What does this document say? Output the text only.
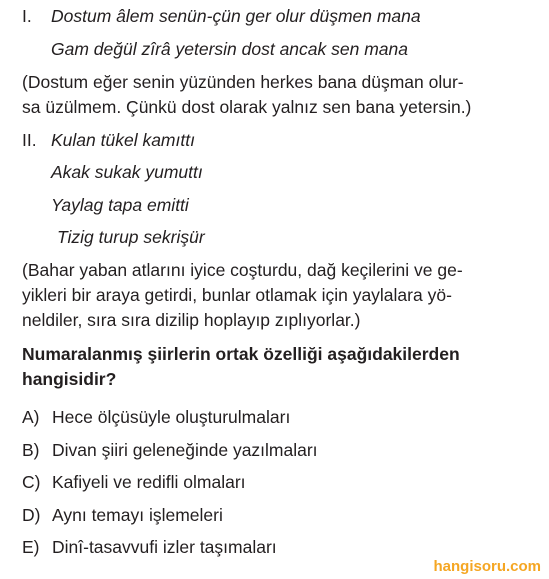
I. Dostum âlem senün-çün ger olur düşmen mana
Gam değül zîrâ yetersin dost ancak sen mana
(Dostum eğer senin yüzünden herkes bana düşman olur-
sa üzülmem. Çünkü dost olarak yalnız sen bana yetersin.)
II. Kulan tükel kamıttı
Akak sukak yumuttı
Yaylag tapa emitti
Tizig turup sekrişür
(Bahar yaban atlarını iyice coşturdu, dağ keçilerini ve ge-
yikleri bir araya getirdi, bunlar otlamak için yaylalara yö-
neldiler, sıra sıra dizilip hoplayıp zıplıyorlar.)
Numaralanmış şiirlerin ortak özelliği aşağıdakilerden
hangisidir?
A) Hece ölçüsüyle oluşturulmaları
B) Divan şiiri geleneğinde yazılmaları
C) Kafiyeli ve redifli olmaları
D) Aynı temayı işlemeleri
E) Dinî-tasavvufi izler taşımaları
hangisoru.com
